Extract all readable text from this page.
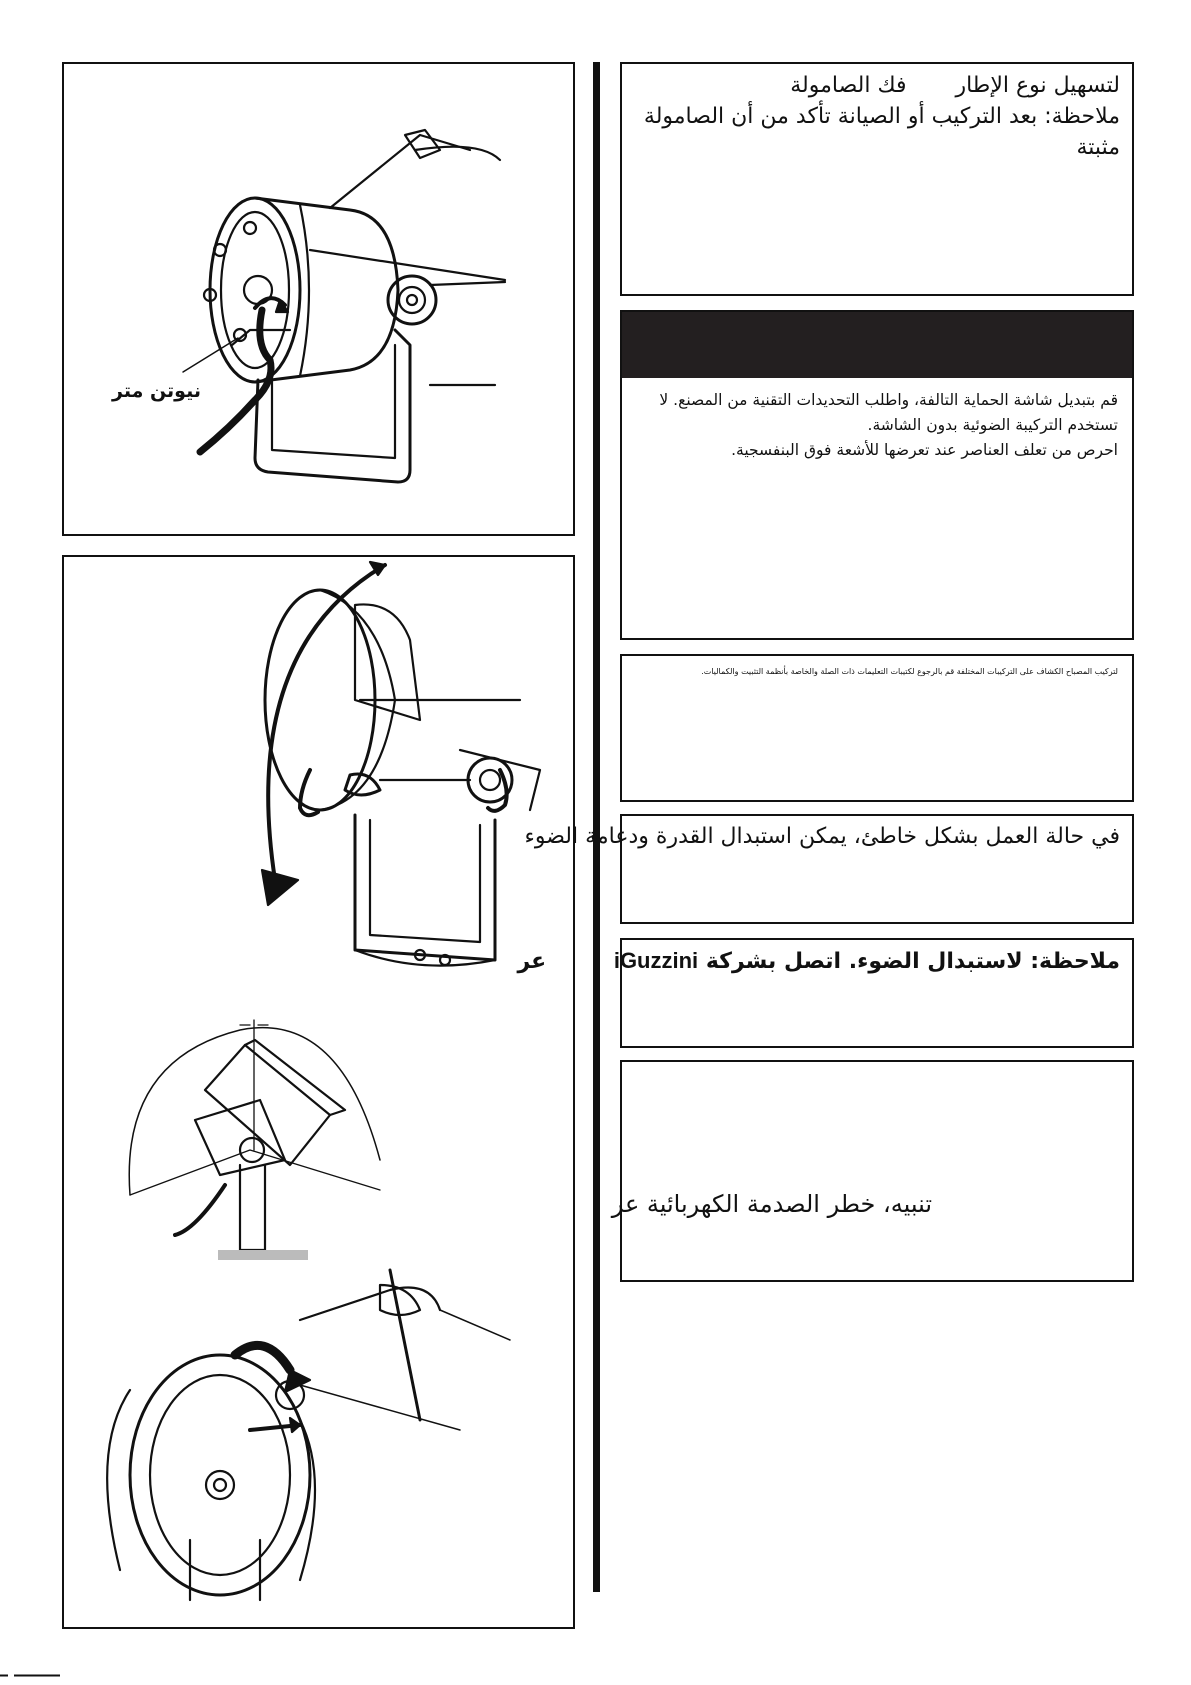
نيوتن متر
لتسهيل نوع الإطار       فك الصامولة
ملاحظة: بعد التركيب أو الصيانة تأكد من أن الصامولة مثبتة
قم بتبديل شاشة الحماية التالفة، واطلب التحديدات التقنية من المصنع. لا تستخدم التركيبة الضوئية بدون الشاشة.
احرص من تعلف العناصر عند تعرضها للأشعة فوق البنفسجية.
لتركيب المصباح الكشاف على التركيبات المختلفة قم بالرجوع لكتيبات التعليمات ذات الصلة والخاصة بأنظمة التثبيت والكماليات.
في حالة العمل بشكل خاطئ، يمكن استبدال القدرة ودعامة الضوء
ملاحظة: لاستبدال الضوء. اتصل بشركة iGuzzini عر
تنبيه، خطر الصدمة الكهربائية عر
